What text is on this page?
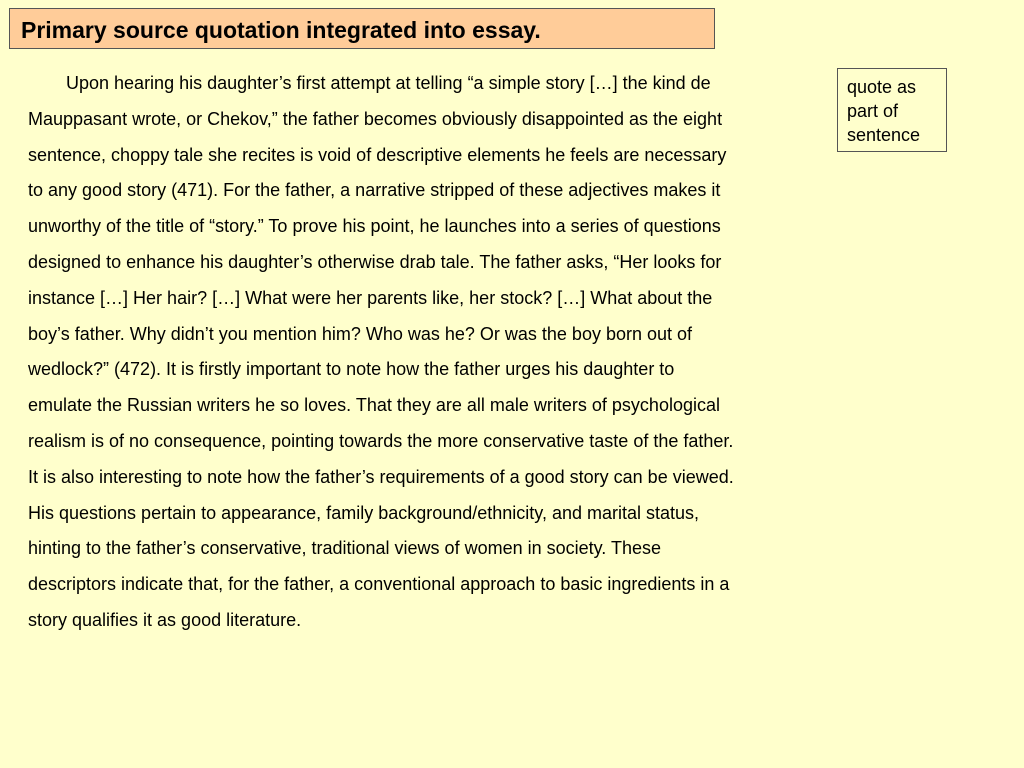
Primary source quotation integrated into essay.
Upon hearing his daughter’s first attempt at telling “a simple story […] the kind de
Mauppasant wrote, or Chekov,” the father becomes obviously disappointed as the eight
sentence, choppy tale she recites is void of descriptive elements he feels are necessary
to any good story (471). For the father, a narrative stripped of these adjectives makes it
unworthy of the title of “story.” To prove his point, he launches into a series of questions
designed to enhance his daughter’s otherwise drab tale. The father asks, “Her looks for
instance […] Her hair? […] What were her parents like, her stock? […] What about the
boy’s father. Why didn’t you mention him? Who was he? Or was the boy born out of
wedlock?” (472). It is firstly important to note how the father urges his daughter to
emulate the Russian writers he so loves. That they are all male writers of psychological
realism is of no consequence, pointing towards the more conservative taste of the father.
It is also interesting to note how the father’s requirements of a good story can be viewed.
His questions pertain to appearance, family background/ethnicity, and marital status,
hinting to the father’s conservative, traditional views of women in society. These
descriptors indicate that, for the father, a conventional approach to basic ingredients in a
story qualifies it as good literature.
quote as
part of
sentence
